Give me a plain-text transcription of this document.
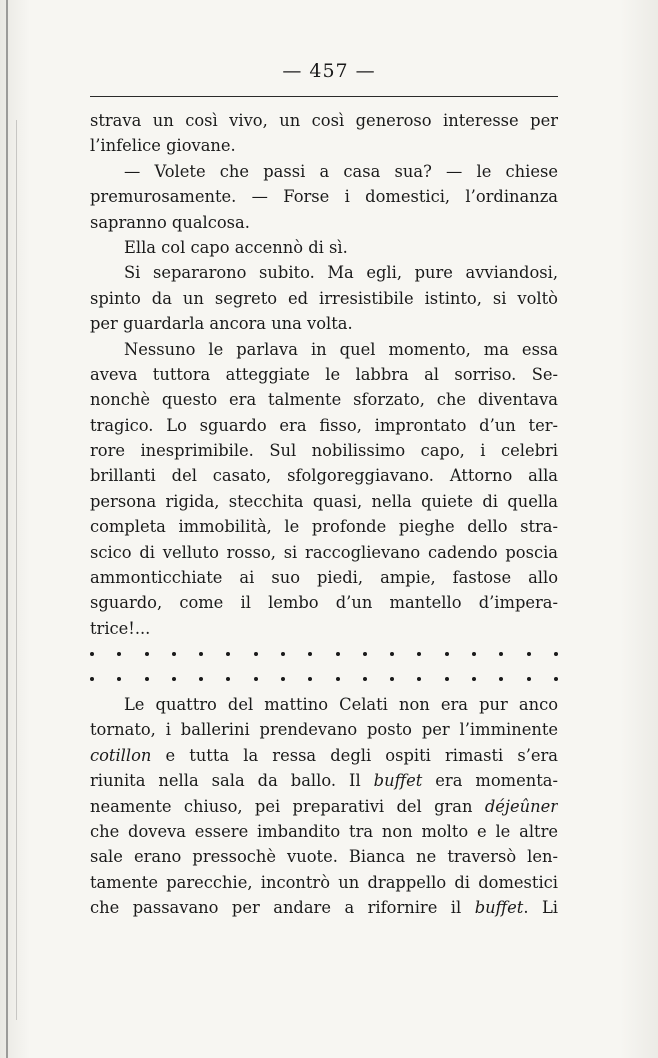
— 457 —
strava un così vivo, un così generoso interesse per
l’infelice giovane.
— Volete che passi a casa sua? — le chiese
premurosamente. — Forse i domestici, l’ordinanza
sapranno qualcosa.
Ella col capo accennò di sì.
Si separarono subito. Ma egli, pure avviandosi,
spinto da un segreto ed irresistibile istinto, si voltò
per guardarla ancora una volta.
Nessuno le parlava in quel momento, ma essa
aveva tuttora atteggiate le labbra al sorriso. Se-
nonchè questo era talmente sforzato, che diventava
tragico. Lo sguardo era fisso, improntato d’un ter-
rore inesprimibile. Sul nobilissimo capo, i celebri
brillanti del casato, sfolgoreggiavano. Attorno alla
persona rigida, stecchita quasi, nella quiete di quella
completa immobilità, le profonde pieghe dello stra-
scico di velluto rosso, si raccoglievano cadendo poscia
ammonticchiate ai suo piedi, ampie, fastose allo
sguardo, come il lembo d’un mantello d’impera-
trice!...
Le quattro del mattino Celati non era pur anco
tornato, i ballerini prendevano posto per l’imminente
cotillon e tutta la ressa degli ospiti rimasti s’era
riunita nella sala da ballo. Il buffet era momenta-
neamente chiuso, pei preparativi del gran déjeûner
che doveva essere imbandito tra non molto e le altre
sale erano pressochè vuote. Bianca ne traversò len-
tamente parecchie, incontrò un drappello di domestici
che passavano per andare a rifornire il buffet. Li
